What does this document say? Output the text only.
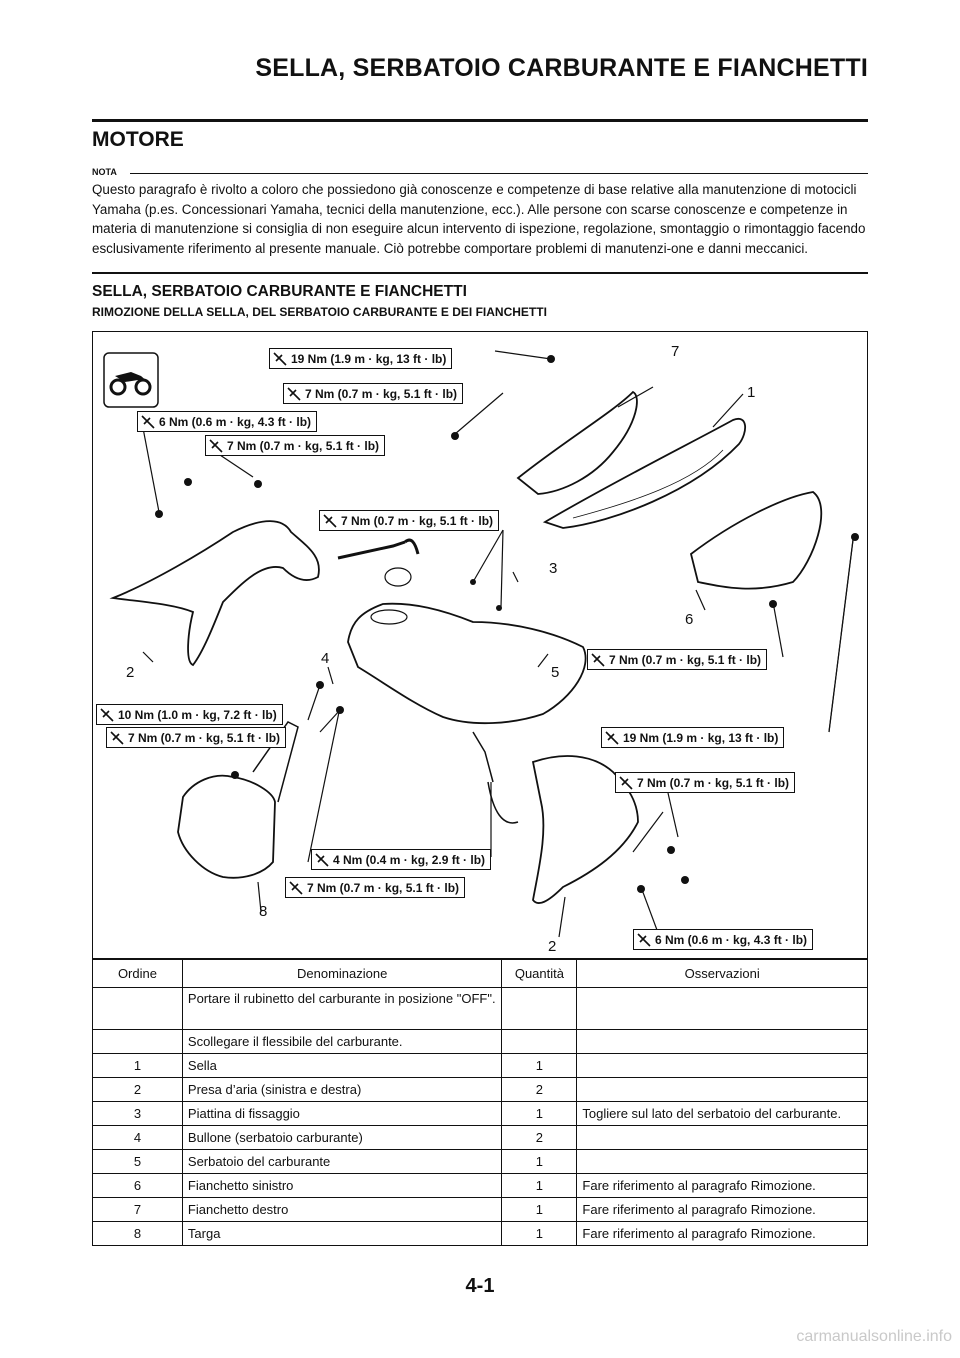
SELLA, SERBATOIO CARBURANTE E FIANCHETTI
MOTORE
NOTA
Questo paragrafo è rivolto a coloro che possiedono già conoscenze e competenze di base relative alla manutenzione di motocicli Yamaha (p.es. Concessionari Yamaha, tecnici della manutenzione, ecc.). Alle persone con scarse conoscenze e competenze in materia di manutenzione si consiglia di non eseguire alcun intervento di ispezione, regolazione, smontaggio o rimontaggio facendo esclusivamente riferimento al presente manuale. Ciò potrebbe comportare problemi di manutenzi-one e danni meccanici.
SELLA, SERBATOIO CARBURANTE E FIANCHETTI
RIMOZIONE DELLA SELLA, DEL SERBATOIO CARBURANTE E DEI FIANCHETTI
19 Nm (1.9 m · kg, 13 ft · lb)
7 Nm (0.7 m · kg, 5.1 ft · lb)
6 Nm (0.6 m · kg, 4.3 ft · lb)
7 Nm (0.7 m · kg, 5.1 ft · lb)
7 Nm (0.7 m · kg, 5.1 ft · lb)
7 Nm (0.7 m · kg, 5.1 ft · lb)
10 Nm (1.0 m · kg, 7.2 ft · lb)
7 Nm (0.7 m · kg, 5.1 ft · lb)	19 Nm (1.9 m · kg, 13 ft · lb)
7 Nm (0.7 m · kg, 5.1 ft · lb)
4 Nm (0.4 m · kg, 2.9 ft · lb)
7 Nm (0.7 m · kg, 5.1 ft · lb)
6 Nm (0.6 m · kg, 4.3 ft · lb)
7
1
3
6
2
4
5
8
2
Ordine	Denominazione	Quantità	Osservazioni
	Portare il rubinetto del carburante in posizione "OFF".		
	Scollegare il flessibile del carburante.		
1	Sella	1	
2	Presa d’aria (sinistra e destra)	2	
3	Piattina di fissaggio	1	Togliere sul lato del serbatoio del carburante.
4	Bullone (serbatoio carburante)	2	
5	Serbatoio del carburante	1	
6	Fianchetto sinistro	1	Fare riferimento al paragrafo Rimozione.
7	Fianchetto destro	1	Fare riferimento al paragrafo Rimozione.
8	Targa	1	Fare riferimento al paragrafo Rimozione.
4-1
carmanualsonline.info
